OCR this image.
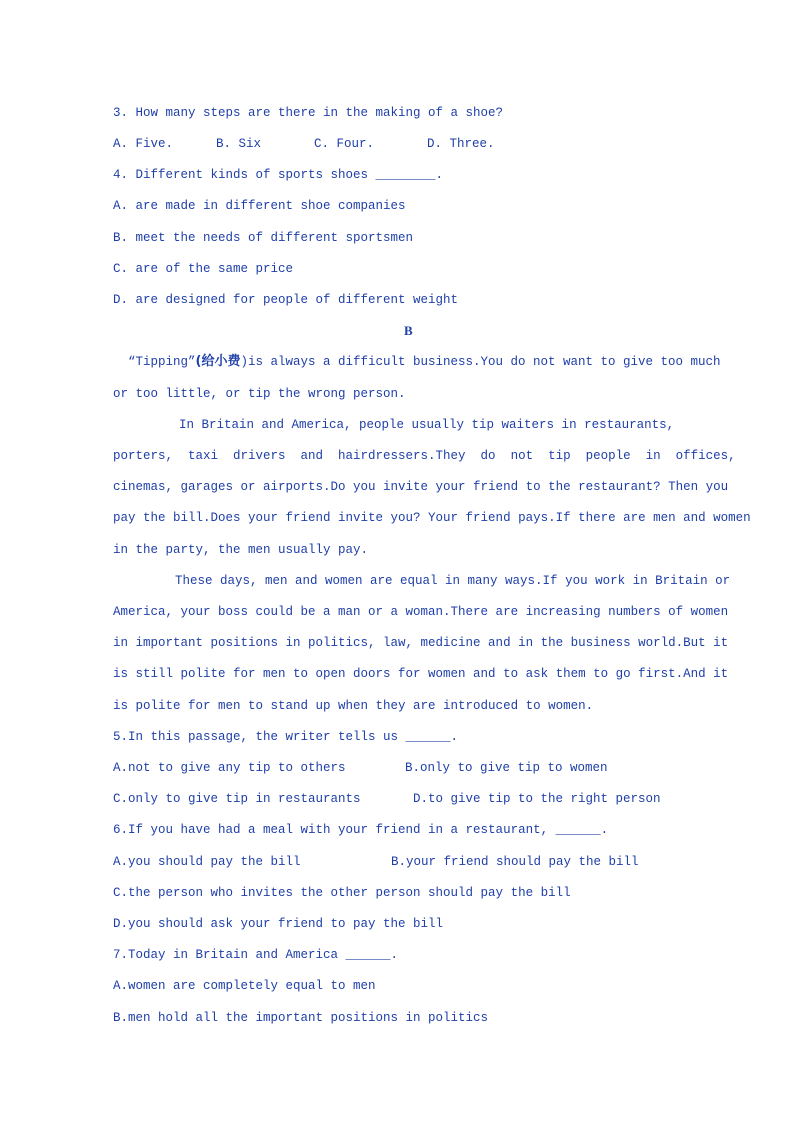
3. How many steps are there in the making of a shoe?
A. Five.	B. Six	C. Four.	D. Three.
4. Different kinds of sports shoes ________.
A. are made in different shoe companies
B. meet the needs of different sportsmen
C. are of the same price
D. are designed for people of different weight
B
“Tipping”(给小费)is always a difficult business.You do not want to give too much
or too little, or tip the wrong person.
In Britain and America, people usually tip waiters in restaurants,
porters,  taxi  drivers  and  hairdressers.They  do  not  tip  people  in  offices,
cinemas, garages or airports.Do you invite your friend to the restaurant? Then you
pay the bill.Does your friend invite you? Your friend pays.If there are men and women
in the party, the men usually pay.
These days, men and women are equal in many ways.If you work in Britain or
America, your boss could be a man or a woman.There are increasing numbers of women
in important positions in politics, law, medicine and in the business world.But it
is still polite for men to open doors for women and to ask them to go first.And it
is polite for men to stand up when they are introduced to women.
5.In this passage, the writer tells us ______.
A.not to give any tip to others	B.only to give tip to women
C.only to give tip in restaurants	D.to give tip to the right person
6.If you have had a meal with your friend in a restaurant, ______.
A.you should pay the bill	B.your friend should pay the bill
C.the person who invites the other person should pay the bill
D.you should ask your friend to pay the bill
7.Today in Britain and America ______.
A.women are completely equal to men
B.men hold all the important positions in politics
